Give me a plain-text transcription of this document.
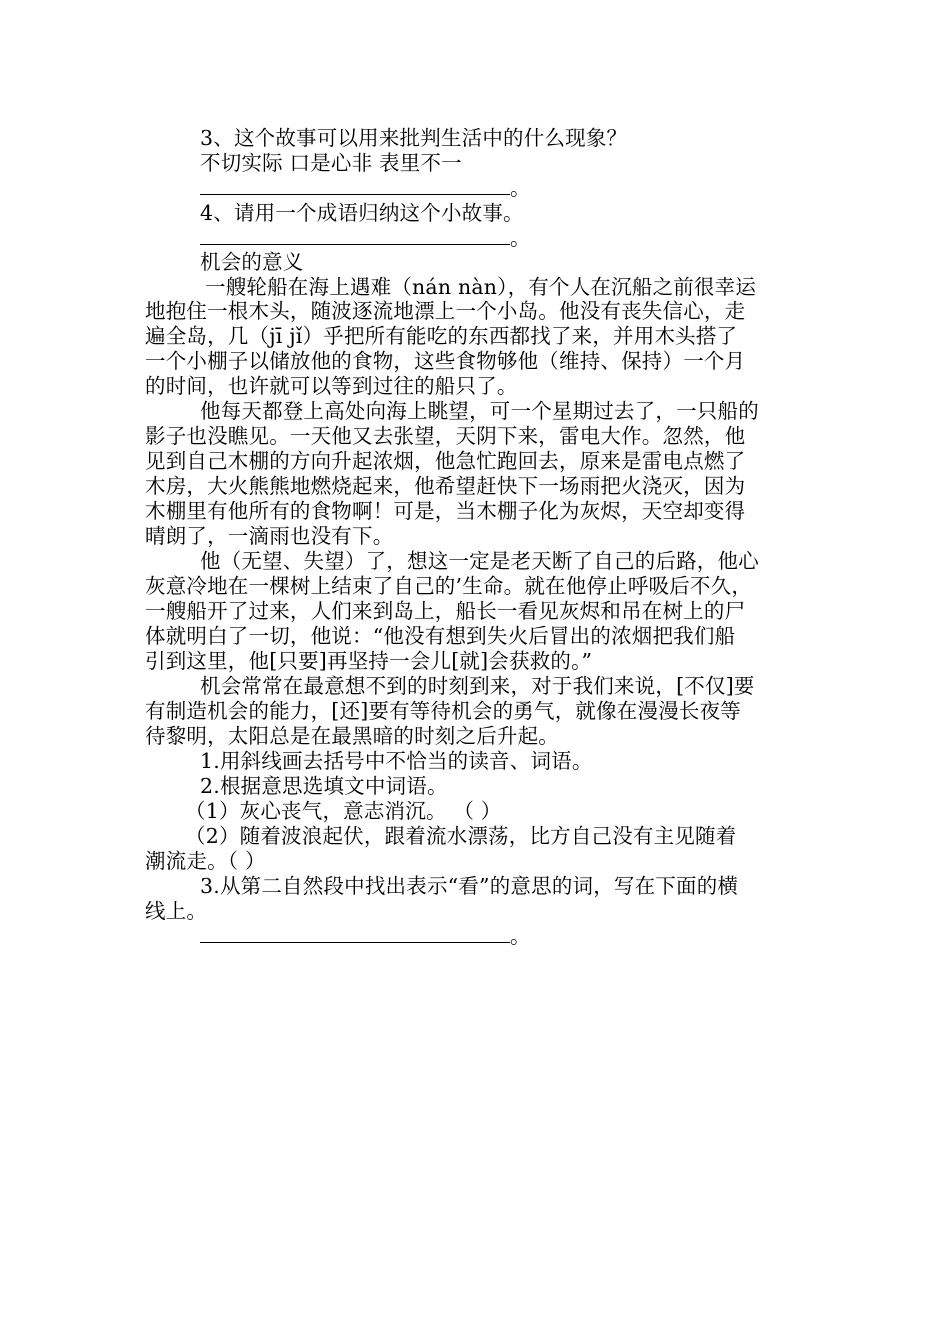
3、这个故事可以用来批判生活中的什么现象？
不切实际 口是心非 表里不一
。
4、请用一个成语归纳这个小故事。
。
机会的意义
一艘轮船在海上遇难（nán nàn），有个人在沉船之前很幸运
地抱住一根木头，随波逐流地漂上一个小岛。他没有丧失信心，走
遍全岛，几（jī jǐ）乎把所有能吃的东西都找了来，并用木头搭了
一个小棚子以储放他的食物，这些食物够他（维持、保持）一个月
的时间，也许就可以等到过往的船只了。
他每天都登上高处向海上眺望，可一个星期过去了，一只船的
影子也没瞧见。一天他又去张望，天阴下来，雷电大作。忽然，他
见到自己木棚的方向升起浓烟，他急忙跑回去，原来是雷电点燃了
木房，大火熊熊地燃烧起来，他希望赶快下一场雨把火浇灭，因为
木棚里有他所有的食物啊！可是，当木棚子化为灰烬，天空却变得
晴朗了，一滴雨也没有下。
他（无望、失望）了，想这一定是老天断了自己的后路，他心
灰意冷地在一棵树上结束了自己的’生命。就在他停止呼吸后不久，
一艘船开了过来，人们来到岛上，船长一看见灰烬和吊在树上的尸
体就明白了一切，他说：“他没有想到失火后冒出的浓烟把我们船
引到这里，他[只要]再坚持一会儿[就]会获救的。”
机会常常在最意想不到的时刻到来，对于我们来说，[不仅]要
有制造机会的能力，[还]要有等待机会的勇气，就像在漫漫长夜等
待黎明，太阳总是在最黑暗的时刻之后升起。
1.用斜线画去括号中不恰当的读音、词语。
2.根据意思选填文中词语。
（1）灰心丧气，意志消沉。 （ ）
（2）随着波浪起伏，跟着流水漂荡，比方自己没有主见随着
潮流走。（ ）
3.从第二自然段中找出表示“看”的意思的词，写在下面的横
线上。
。
